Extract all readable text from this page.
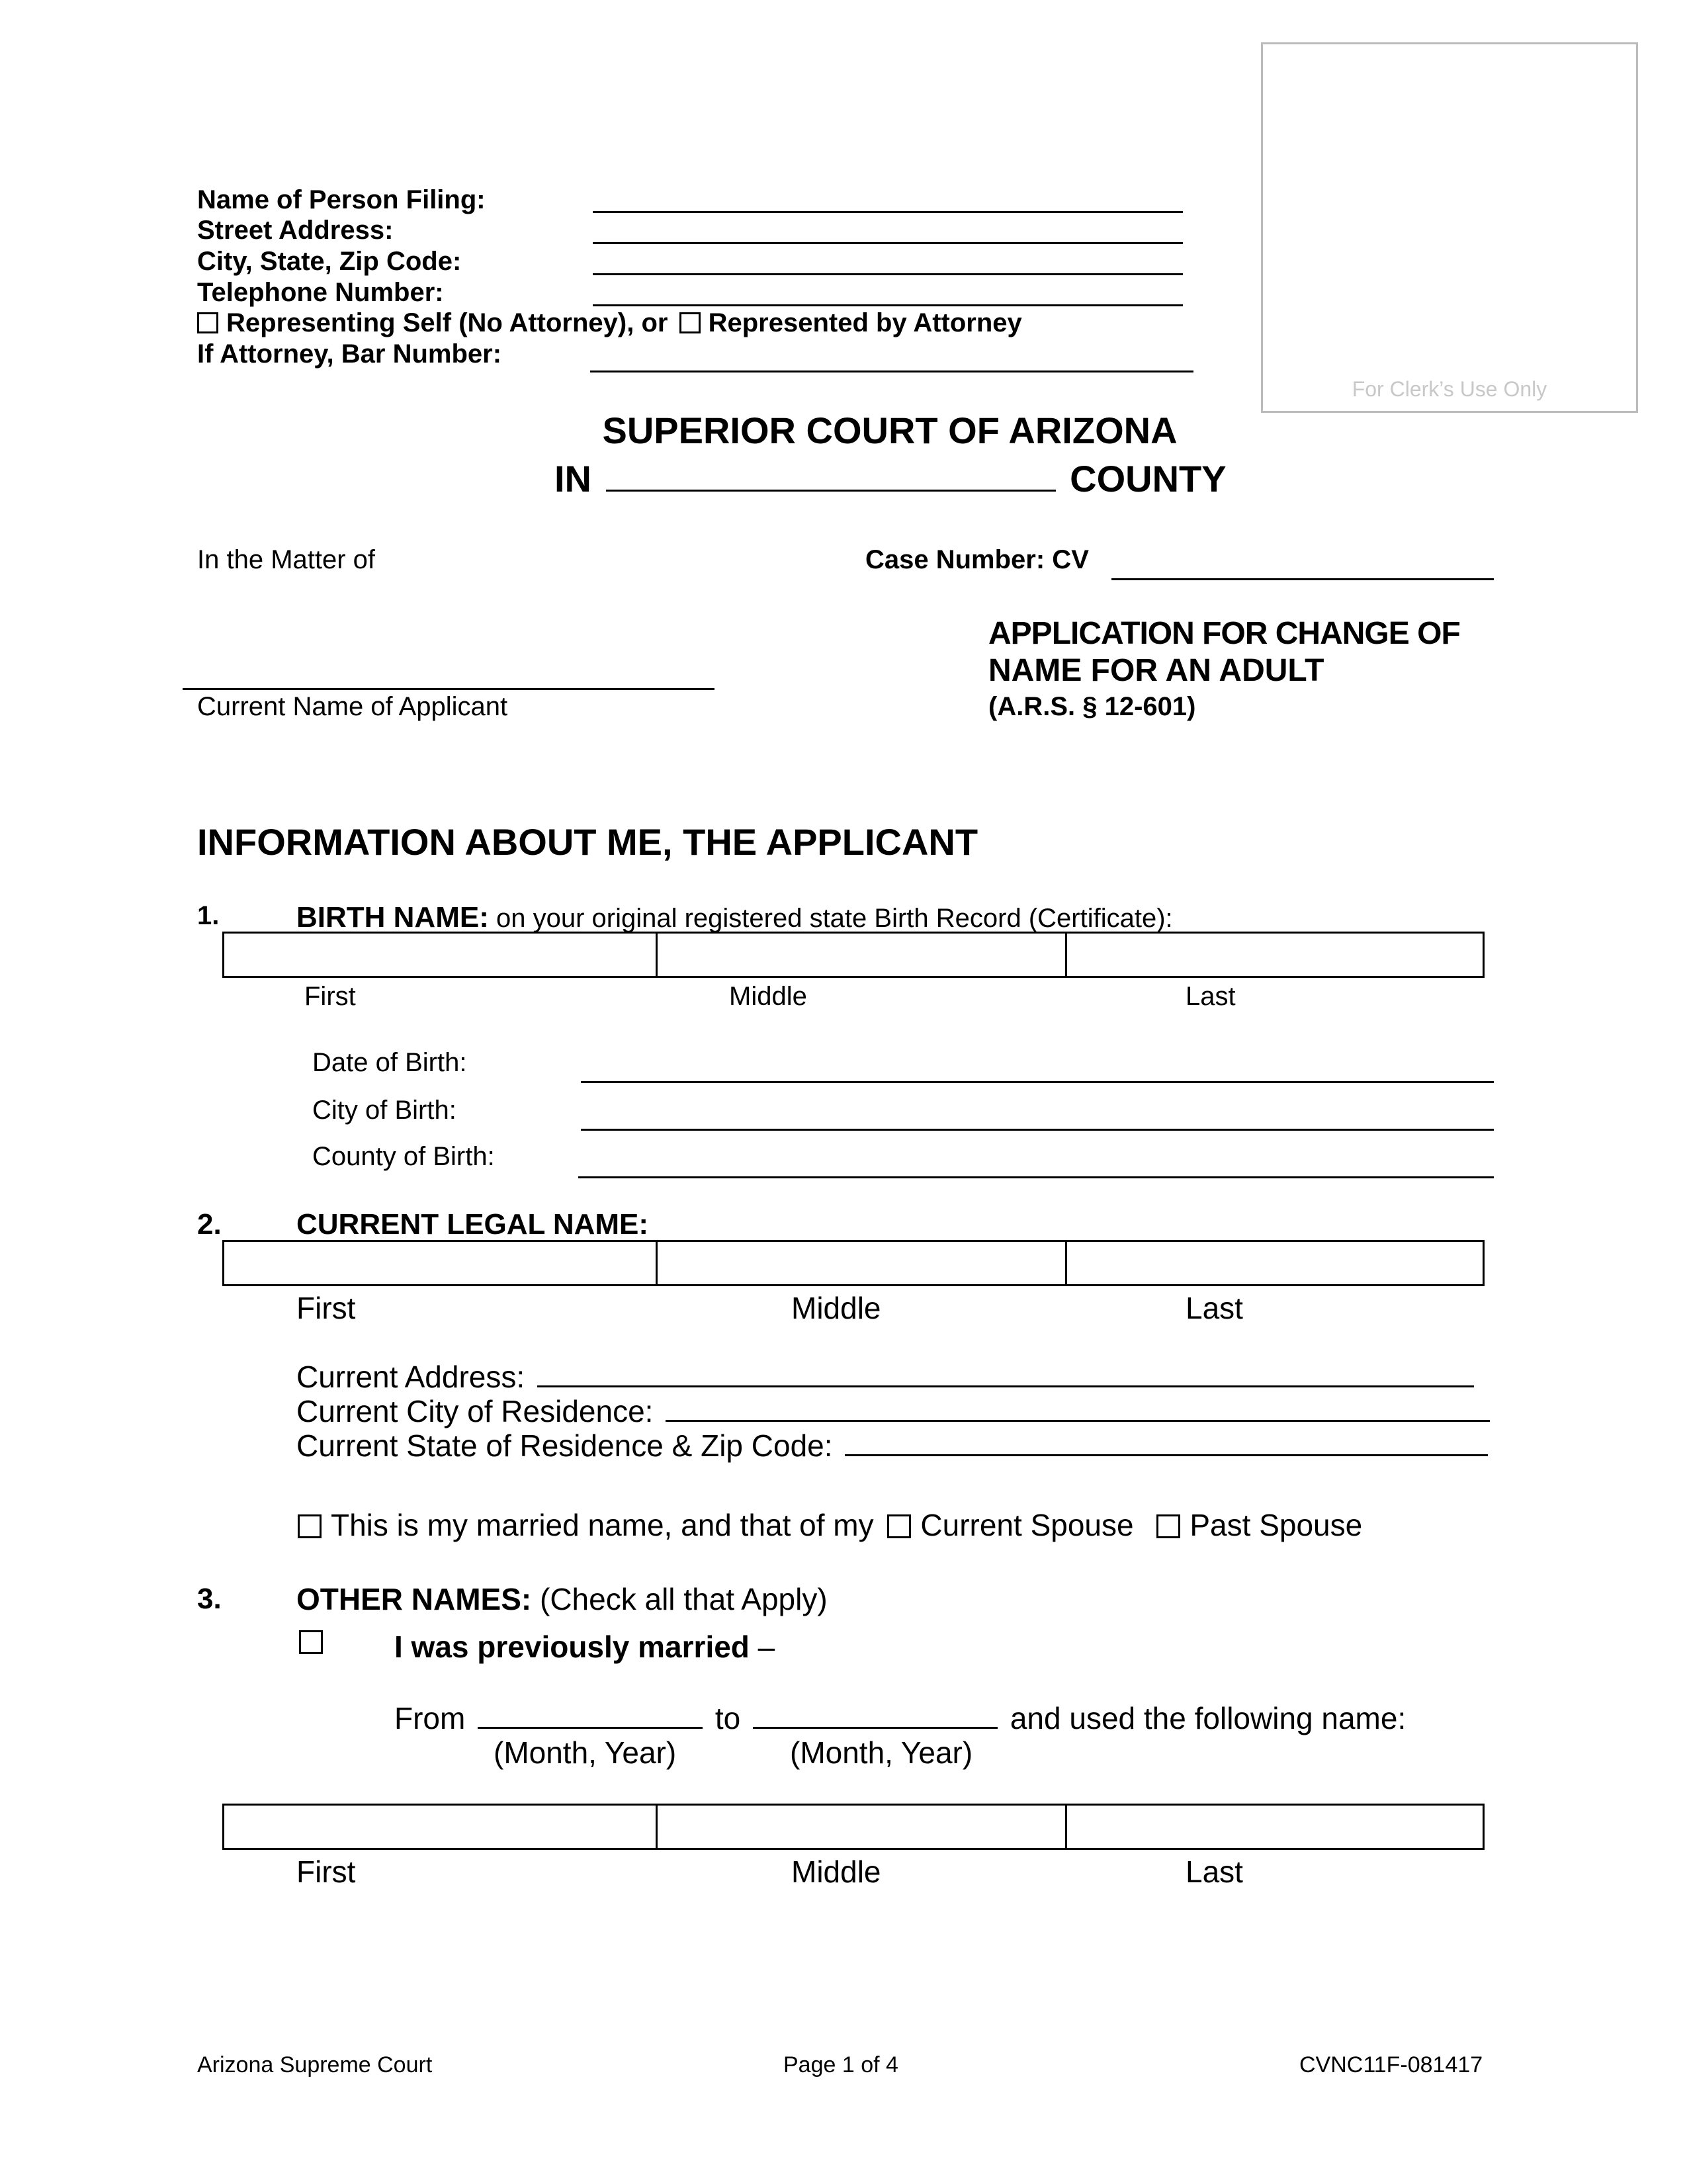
For Clerk’s Use Only
Name of Person Filing:
Street Address:
City, State, Zip Code:
Telephone Number:
Representing Self (No Attorney), or Represented by Attorney
If Attorney, Bar Number:
SUPERIOR COURT OF ARIZONA
IN	COUNTY
In the Matter of	Case Number: CV
APPLICATION FOR CHANGE OF
NAME FOR AN ADULT
(A.R.S. § 12-601)
Current Name of Applicant
INFORMATION ABOUT ME, THE APPLICANT
1.	BIRTH NAME: on your original registered state Birth Record (Certificate):
First	Middle	Last
Date of Birth:
City of Birth:
County of Birth:
2.	CURRENT LEGAL NAME:
First	Middle	Last
Current Address:
Current City of Residence:
Current State of Residence & Zip Code:
This is my married name, and that of my Current Spouse Past Spouse
3. OTHER NAMES: (Check all that Apply)
I was previously married –
From	to	and used the following name:
(Month, Year)	(Month, Year)
First	Middle	Last
Arizona Supreme Court	Page 1 of 4	CVNC11F-081417
